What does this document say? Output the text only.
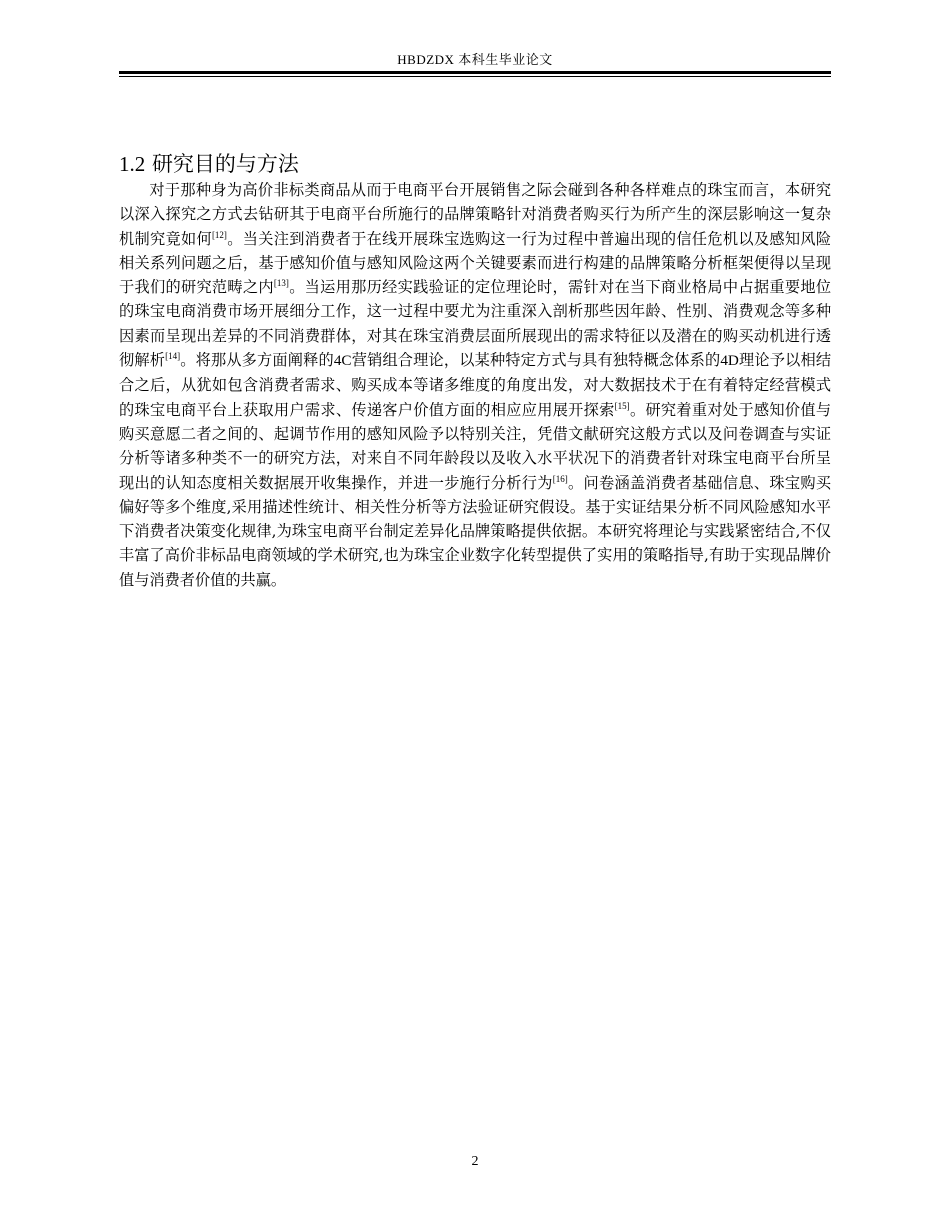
HBDZDX 本科生毕业论文
1.2 研究目的与方法

对于那种身为高价非标类商品从而于电商平台开展销售之际会碰到各种各样难点的珠宝而言，本研究以深入探究之方式去钻研其于电商平台所施行的品牌策略针对消费者购买行为所产生的深层影响这一复杂机制究竟如何[12]。当关注到消费者于在线开展珠宝选购这一行为过程中普遍出现的信任危机以及感知风险相关系列问题之后，基于感知价值与感知风险这两个关键要素而进行构建的品牌策略分析框架便得以呈现于我们的研究范畴之内[13]。当运用那历经实践验证的定位理论时，需针对在当下商业格局中占据重要地位的珠宝电商消费市场开展细分工作，这一过程中要尤为注重深入剖析那些因年龄、性别、消费观念等多种因素而呈现出差异的不同消费群体，对其在珠宝消费层面所展现出的需求特征以及潜在的购买动机进行透彻解析[14]。将那从多方面阐释的4C营销组合理论，以某种特定方式与具有独特概念体系的4D理论予以相结合之后，从犹如包含消费者需求、购买成本等诸多维度的角度出发，对大数据技术于在有着特定经营模式的珠宝电商平台上获取用户需求、传递客户价值方面的相应应用展开探索[15]。研究着重对处于感知价值与购买意愿二者之间的、起调节作用的感知风险予以特别关注，凭借文献研究这般方式以及问卷调查与实证分析等诸多种类不一的研究方法，对来自不同年龄段以及收入水平状况下的消费者针对珠宝电商平台所呈现出的认知态度相关数据展开收集操作，并进一步施行分析行为[16]。问卷涵盖消费者基础信息、珠宝购买偏好等多个维度,采用描述性统计、相关性分析等方法验证研究假设。基于实证结果分析不同风险感知水平下消费者决策变化规律,为珠宝电商平台制定差异化品牌策略提供依据。本研究将理论与实践紧密结合,不仅丰富了高价非标品电商领域的学术研究,也为珠宝企业数字化转型提供了实用的策略指导,有助于实现品牌价值与消费者价值的共赢。

2
